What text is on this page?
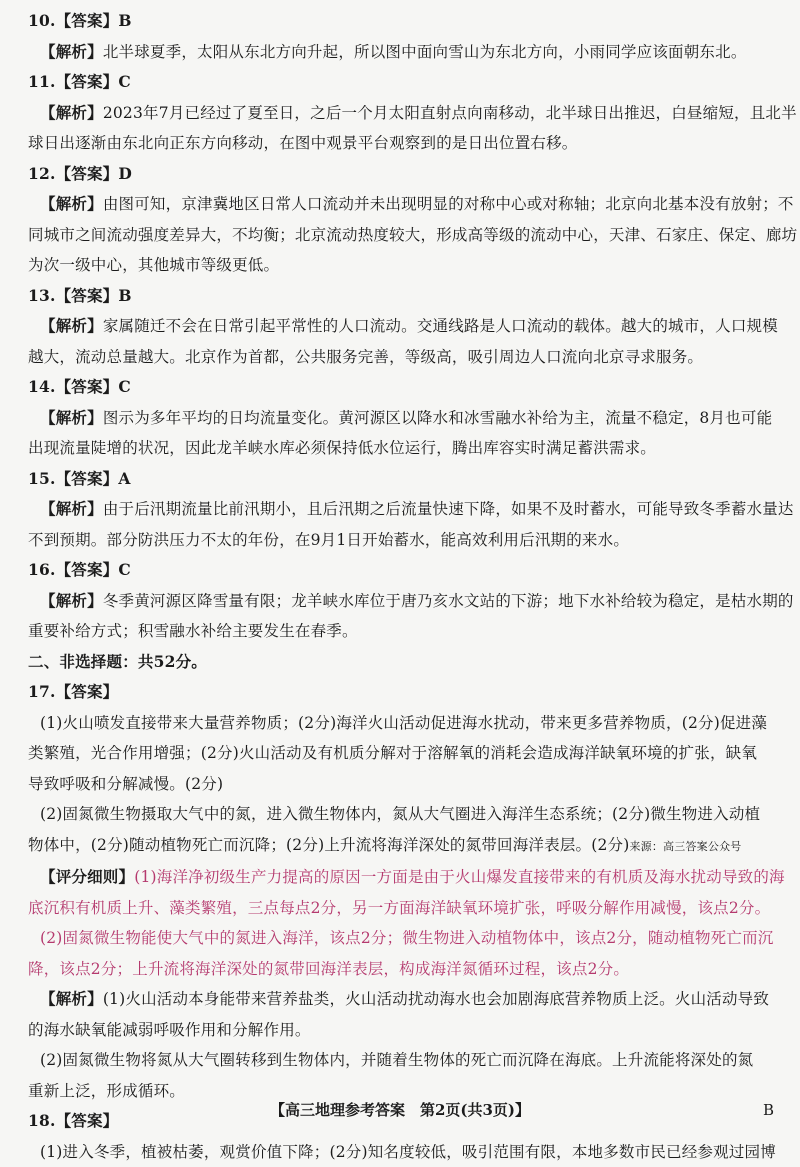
10.【答案】B
【解析】北半球夏季，太阳从东北方向升起，所以图中面向雪山为东北方向，小雨同学应该面朝东北。
11.【答案】C
【解析】2023年7月已经过了夏至日，之后一个月太阳直射点向南移动，北半球日出推迟，白昼缩短，且北半
球日出逐渐由东北向正东方向移动，在图中观景平台观察到的是日出位置右移。
12.【答案】D
【解析】由图可知，京津冀地区日常人口流动并未出现明显的对称中心或对称轴；北京向北基本没有放射；不
同城市之间流动强度差异大，不均衡；北京流动热度较大，形成高等级的流动中心，天津、石家庄、保定、廊坊
为次一级中心，其他城市等级更低。
13.【答案】B
【解析】家属随迁不会在日常引起平常性的人口流动。交通线路是人口流动的载体。越大的城市，人口规模
越大，流动总量越大。北京作为首都，公共服务完善，等级高，吸引周边人口流向北京寻求服务。
14.【答案】C
【解析】图示为多年平均的日均流量变化。黄河源区以降水和冰雪融水补给为主，流量不稳定，8月也可能
出现流量陡增的状况，因此龙羊峡水库必须保持低水位运行，腾出库容实时满足蓄洪需求。
15.【答案】A
【解析】由于后汛期流量比前汛期小，且后汛期之后流量快速下降，如果不及时蓄水，可能导致冬季蓄水量达
不到预期。部分防洪压力不太的年份，在9月1日开始蓄水，能高效利用后汛期的来水。
16.【答案】C
【解析】冬季黄河源区降雪量有限；龙羊峡水库位于唐乃亥水文站的下游；地下水补给较为稳定，是枯水期的
重要补给方式；积雪融水补给主要发生在春季。
二、非选择题：共52分。
17.【答案】
(1)火山喷发直接带来大量营养物质；(2分)海洋火山活动促进海水扰动，带来更多营养物质，(2分)促进藻
类繁殖，光合作用增强；(2分)火山活动及有机质分解对于溶解氧的消耗会造成海洋缺氧环境的扩张，缺氧
导致呼吸和分解减慢。(2分)
(2)固氮微生物摄取大气中的氮，进入微生物体内，氮从大气圈进入海洋生态系统；(2分)微生物进入动植
物体中，(2分)随动植物死亡而沉降；(2分)上升流将海洋深处的氮带回海洋表层。(2分)来源：高三答案公众号
【评分细则】(1)海洋净初级生产力提高的原因一方面是由于火山爆发直接带来的有机质及海水扰动导致的海
底沉积有机质上升、藻类繁殖，三点每点2分，另一方面海洋缺氧环境扩张，呼吸分解作用减慢，该点2分。
(2)固氮微生物能使大气中的氮进入海洋，该点2分；微生物进入动植物体中，该点2分，随动植物死亡而沉
降，该点2分；上升流将海洋深处的氮带回海洋表层，构成海洋氮循环过程，该点2分。
【解析】(1)火山活动本身能带来营养盐类，火山活动扰动海水也会加剧海底营养物质上泛。火山活动导致
的海水缺氧能减弱呼吸作用和分解作用。
(2)固氮微生物将氮从大气圈转移到生物体内，并随着生物体的死亡而沉降在海底。上升流能将深处的氮
重新上泛，形成循环。
18.【答案】
(1)进入冬季，植被枯萎，观赏价值下降；(2分)知名度较低，吸引范围有限，本地多数市民已经参观过园博
【高三地理参考答案　第2页(共3页)】	B
